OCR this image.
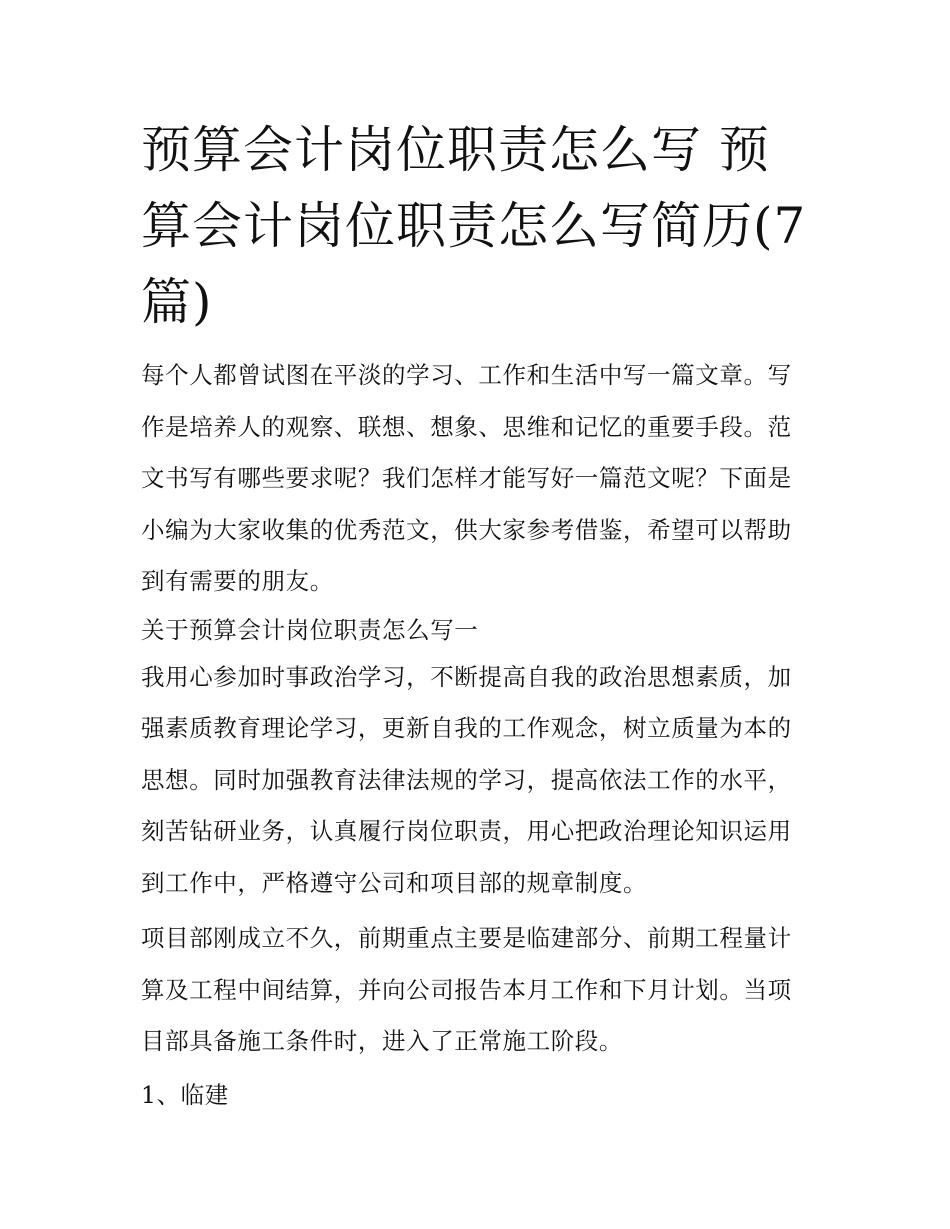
预算会计岗位职责怎么写 预算会计岗位职责怎么写简历(7篇)

每个人都曾试图在平淡的学习、工作和生活中写一篇文章。写作是培养人的观察、联想、想象、思维和记忆的重要手段。范文书写有哪些要求呢？我们怎样才能写好一篇范文呢？下面是小编为大家收集的优秀范文，供大家参考借鉴，希望可以帮助到有需要的朋友。

关于预算会计岗位职责怎么写一

我用心参加时事政治学习，不断提高自我的政治思想素质，加强素质教育理论学习，更新自我的工作观念，树立质量为本的思想。同时加强教育法律法规的学习，提高依法工作的水平，刻苦钻研业务，认真履行岗位职责，用心把政治理论知识运用到工作中，严格遵守公司和项目部的规章制度。

项目部刚成立不久，前期重点主要是临建部分、前期工程量计算及工程中间结算，并向公司报告本月工作和下月计划。当项目部具备施工条件时，进入了正常施工阶段。

1、临建
